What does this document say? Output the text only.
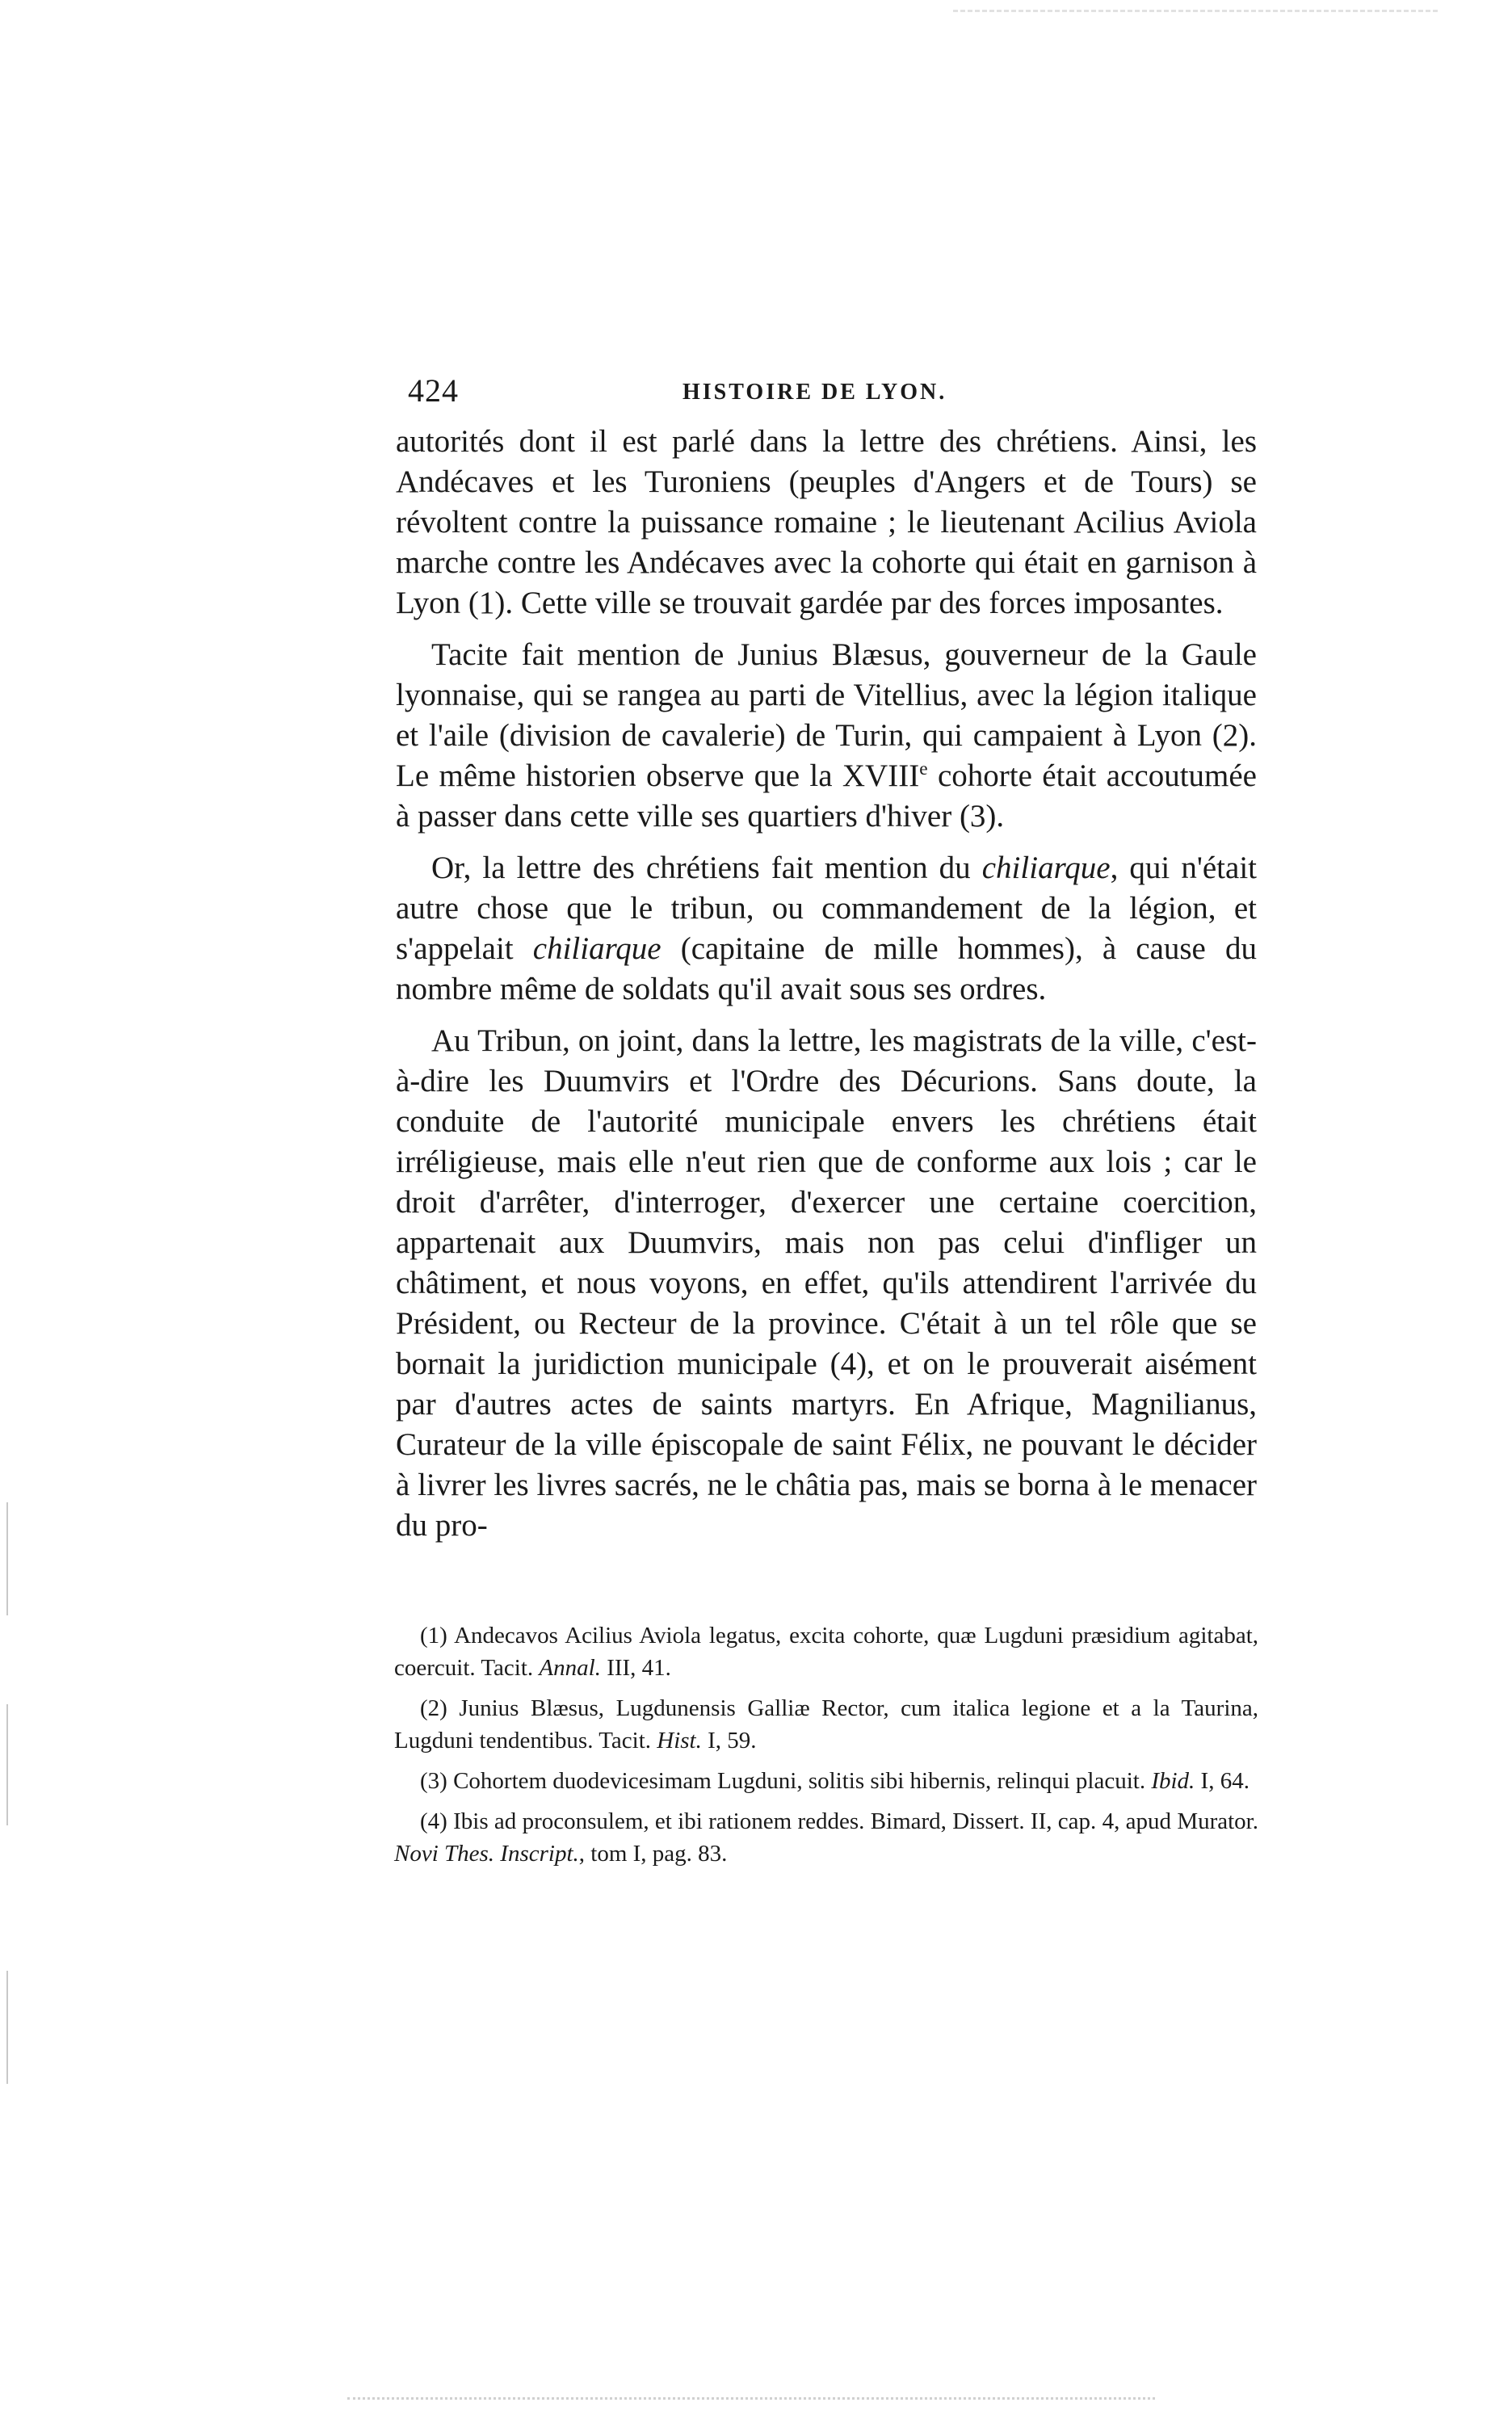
424	HISTOIRE DE LYON.

autorités dont il est parlé dans la lettre des chrétiens. Ainsi, les Andécaves et les Turoniens (peuples d'Angers et de Tours) se révoltent contre la puissance romaine ; le lieutenant Acilius Aviola marche contre les Andécaves avec la cohorte qui était en garnison à Lyon (1). Cette ville se trouvait gardée par des forces imposantes.

Tacite fait mention de Junius Blæsus, gouverneur de la Gaule lyonnaise, qui se rangea au parti de Vitellius, avec la légion italique et l'aile (division de cavalerie) de Turin, qui campaient à Lyon (2). Le même historien observe que la XVIIIe cohorte était accoutumée à passer dans cette ville ses quartiers d'hiver (3).

Or, la lettre des chrétiens fait mention du chiliarque, qui n'était autre chose que le tribun, ou commandement de la légion, et s'appelait chiliarque (capitaine de mille hommes), à cause du nombre même de soldats qu'il avait sous ses ordres.

Au Tribun, on joint, dans la lettre, les magistrats de la ville, c'est-à-dire les Duumvirs et l'Ordre des Décurions. Sans doute, la conduite de l'autorité municipale envers les chrétiens était irréligieuse, mais elle n'eut rien que de conforme aux lois ; car le droit d'arrêter, d'interroger, d'exercer une certaine coercition, appartenait aux Duumvirs, mais non pas celui d'infliger un châtiment, et nous voyons, en effet, qu'ils attendirent l'arrivée du Président, ou Recteur de la province. C'était à un tel rôle que se bornait la juridiction municipale (4), et on le prouverait aisément par d'autres actes de saints martyrs. En Afrique, Magnilianus, Curateur de la ville épiscopale de saint Félix, ne pouvant le décider à livrer les livres sacrés, ne le châtia pas, mais se borna à le menacer du pro-

(1) Andecavos Acilius Aviola legatus, excita cohorte, quæ Lugduni præsidium agitabat, coercuit. Tacit. Annal. III, 41.

(2) Junius Blæsus, Lugdunensis Galliæ Rector, cum italica legione et a la Taurina, Lugduni tendentibus. Tacit. Hist. I, 59.

(3) Cohortem duodevicesimam Lugduni, solitis sibi hibernis, relinqui placuit. Ibid. I, 64.

(4) Ibis ad proconsulem, et ibi rationem reddes. Bimard, Dissert. II, cap. 4, apud Murator. Novi Thes. Inscript., tom I, pag. 83.
